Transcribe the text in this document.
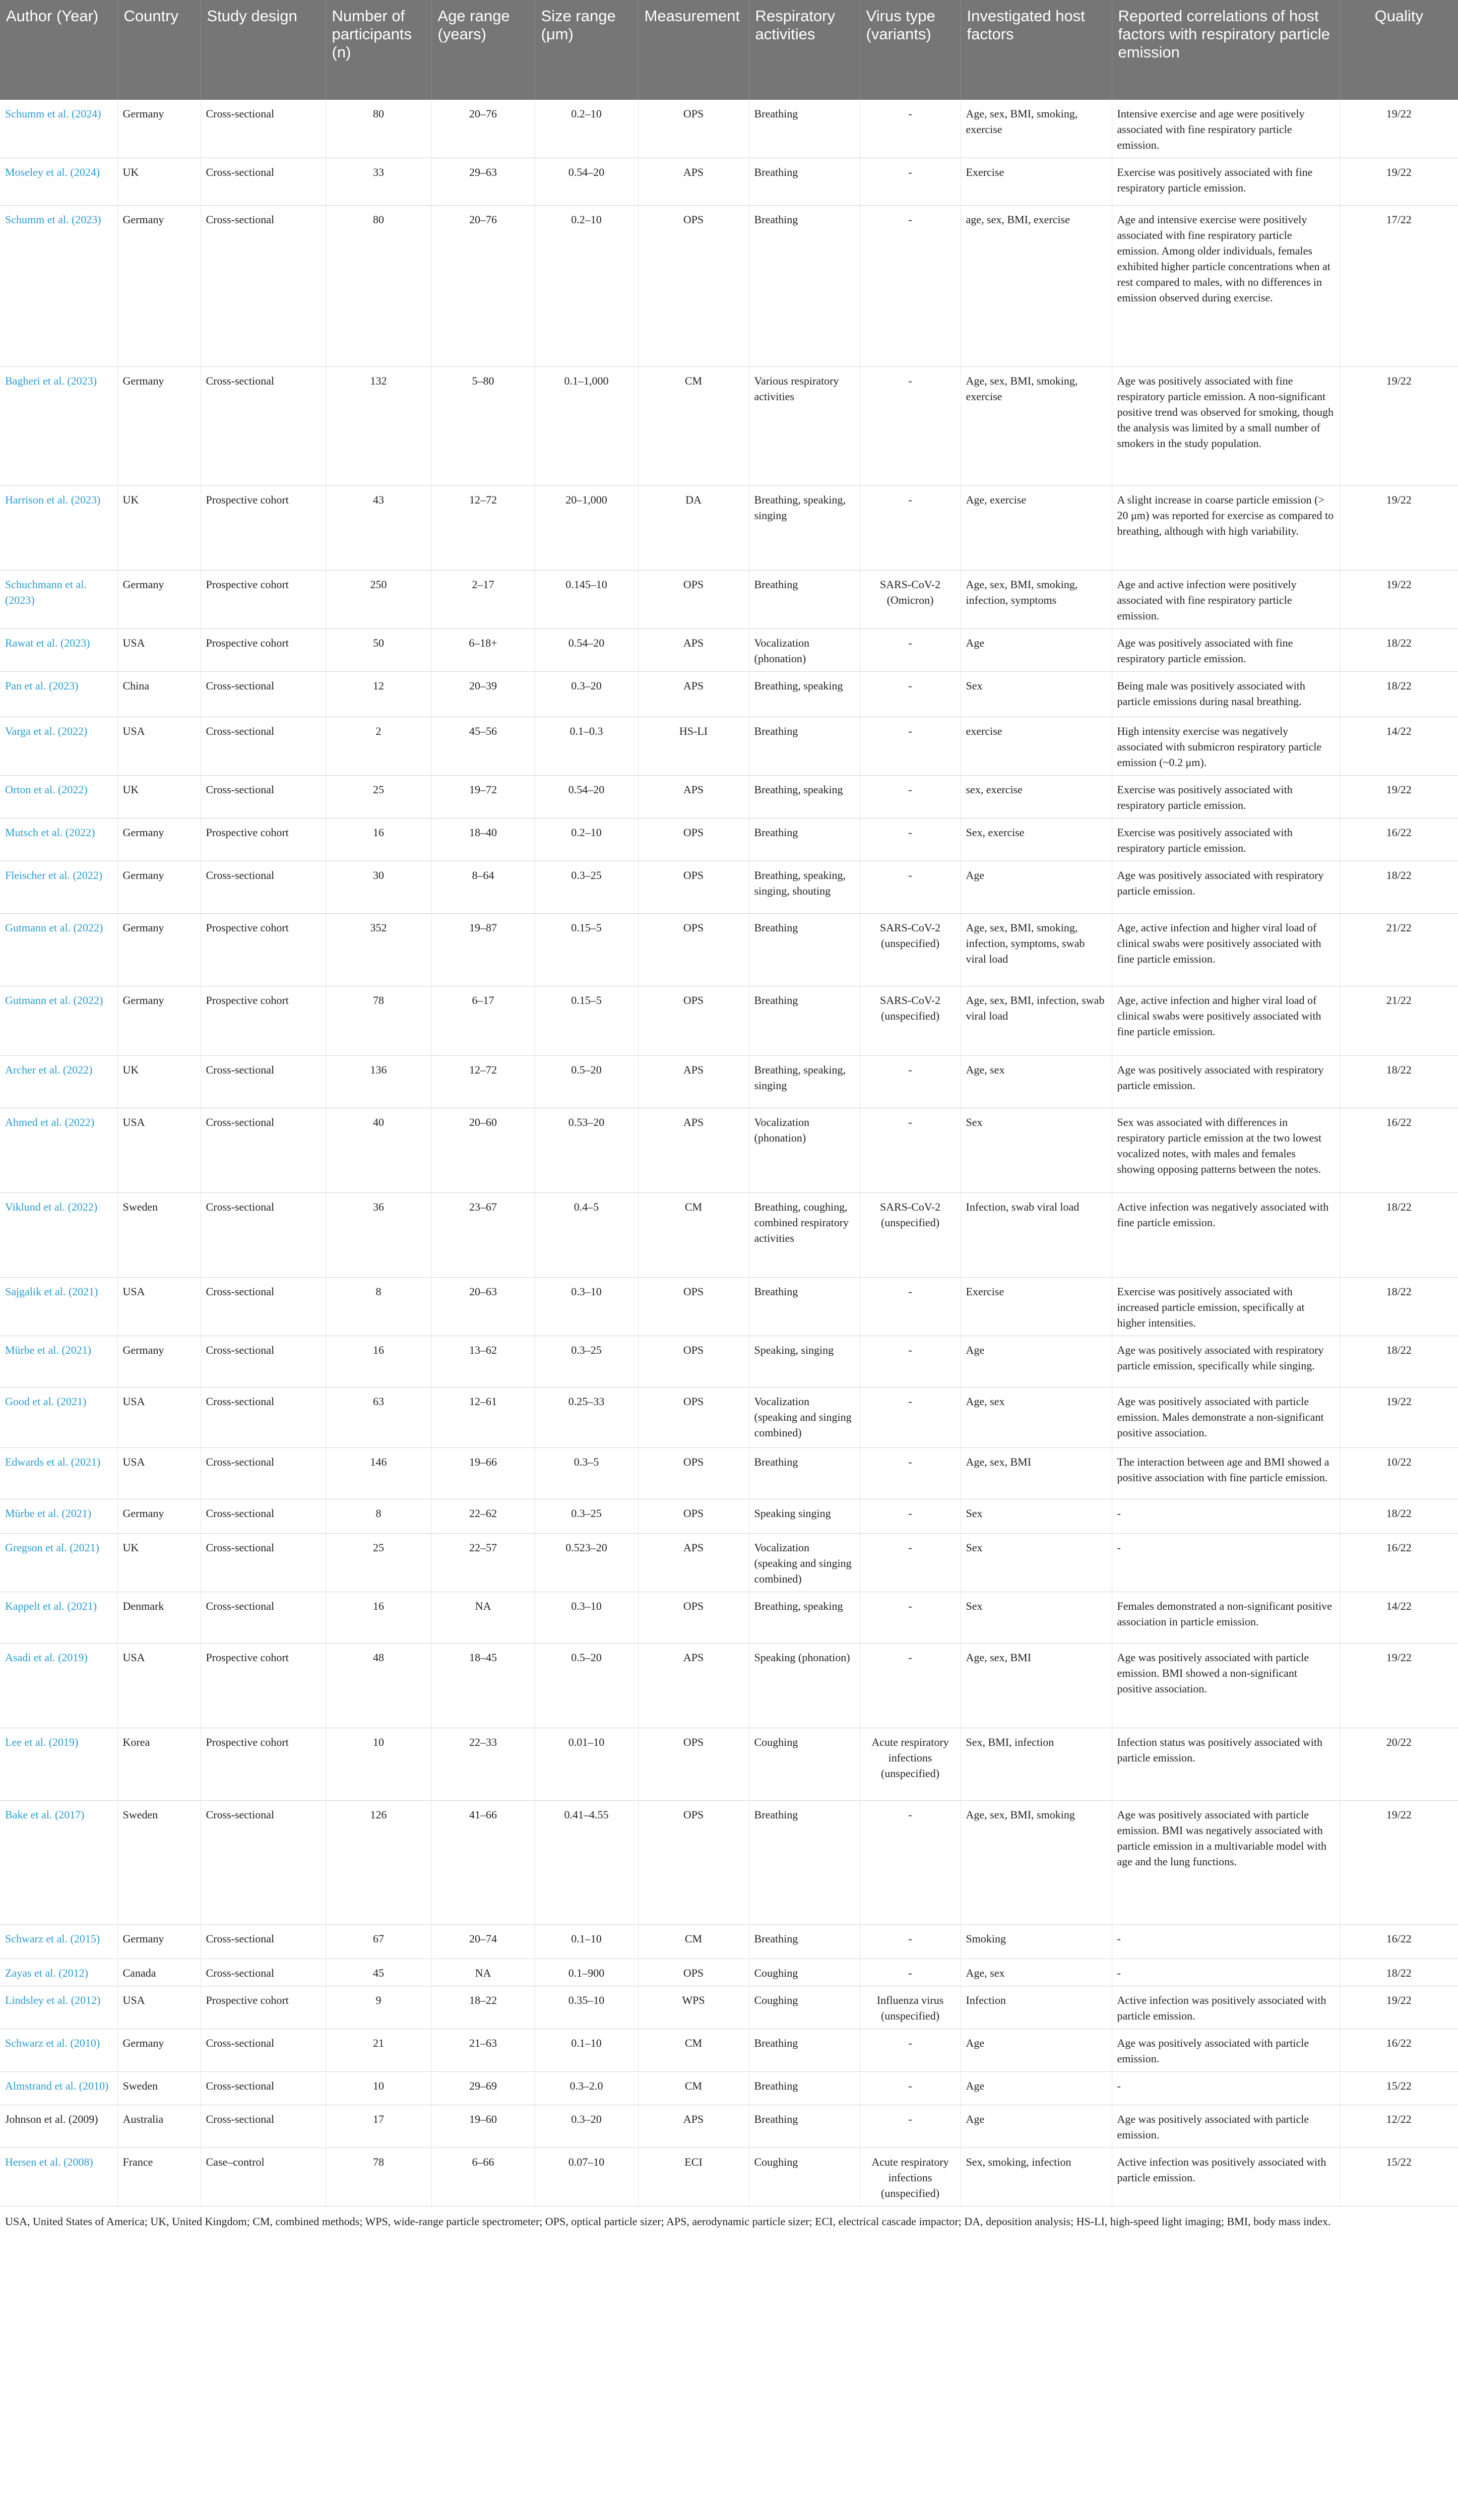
Author (Year)	Country	Study design	Number of participants (n)	Age range (years)	Size range (μm)	Measurement	Respiratory activities	Virus type (variants)	Investigated host factors	Reported correlations of host factors with respiratory particle emission	Quality
Schumm et al. (2024)	Germany	Cross-sectional	80	20–76	0.2–10	OPS	Breathing	-	Age, sex, BMI, smoking, exercise	Intensive exercise and age were positively associated with fine respiratory particle emission.	19/22
Moseley et al. (2024)	UK	Cross-sectional	33	29–63	0.54–20	APS	Breathing	-	Exercise	Exercise was positively associated with fine respiratory particle emission.	19/22
Schumm et al. (2023)	Germany	Cross-sectional	80	20–76	0.2–10	OPS	Breathing	-	age, sex, BMI, exercise	Age and intensive exercise were positively associated with fine respiratory particle emission. Among older individuals, females exhibited higher particle concentrations when at rest compared to males, with no differences in emission observed during exercise.	17/22
Bagheri et al. (2023)	Germany	Cross-sectional	132	5–80	0.1–1,000	CM	Various respiratory activities	-	Age, sex, BMI, smoking, exercise	Age was positively associated with fine respiratory particle emission. A non-significant positive trend was observed for smoking, though the analysis was limited by a small number of smokers in the study population.	19/22
Harrison et al. (2023)	UK	Prospective cohort	43	12–72	20–1,000	DA	Breathing, speaking, singing	-	Age, exercise	A slight increase in coarse particle emission (> 20 μm) was reported for exercise as compared to breathing, although with high variability.	19/22
Schuchmann et al. (2023)	Germany	Prospective cohort	250	2–17	0.145–10	OPS	Breathing	SARS-CoV-2 (Omicron)	Age, sex, BMI, smoking, infection, symptoms	Age and active infection were positively associated with fine respiratory particle emission.	19/22
Rawat et al. (2023)	USA	Prospective cohort	50	6–18+	0.54–20	APS	Vocalization (phonation)	-	Age	Age was positively associated with fine respiratory particle emission.	18/22
Pan et al. (2023)	China	Cross-sectional	12	20–39	0.3–20	APS	Breathing, speaking	-	Sex	Being male was positively associated with particle emissions during nasal breathing.	18/22
Varga et al. (2022)	USA	Cross-sectional	2	45–56	0.1–0.3	HS-LI	Breathing	-	exercise	High intensity exercise was negatively associated with submicron respiratory particle emission (~0.2 μm).	14/22
Orton et al. (2022)	UK	Cross-sectional	25	19–72	0.54–20	APS	Breathing, speaking	-	sex, exercise	Exercise was positively associated with respiratory particle emission.	19/22
Mutsch et al. (2022)	Germany	Prospective cohort	16	18–40	0.2–10	OPS	Breathing	-	Sex, exercise	Exercise was positively associated with respiratory particle emission.	16/22
Fleischer et al. (2022)	Germany	Cross-sectional	30	8–64	0.3–25	OPS	Breathing, speaking, singing, shouting	-	Age	Age was positively associated with respiratory particle emission.	18/22
Gutmann et al. (2022)	Germany	Prospective cohort	352	19–87	0.15–5	OPS	Breathing	SARS-CoV-2 (unspecified)	Age, sex, BMI, smoking, infection, symptoms, swab viral load	Age, active infection and higher viral load of clinical swabs were positively associated with fine particle emission.	21/22
Gutmann et al. (2022)	Germany	Prospective cohort	78	6–17	0.15–5	OPS	Breathing	SARS-CoV-2 (unspecified)	Age, sex, BMI, infection, swab viral load	Age, active infection and higher viral load of clinical swabs were positively associated with fine particle emission.	21/22
Archer et al. (2022)	UK	Cross-sectional	136	12–72	0.5–20	APS	Breathing, speaking, singing	-	Age, sex	Age was positively associated with respiratory particle emission.	18/22
Ahmed et al. (2022)	USA	Cross-sectional	40	20–60	0.53–20	APS	Vocalization (phonation)	-	Sex	Sex was associated with differences in respiratory particle emission at the two lowest vocalized notes, with males and females showing opposing patterns between the notes.	16/22
Viklund et al. (2022)	Sweden	Cross-sectional	36	23–67	0.4–5	CM	Breathing, coughing, combined respiratory activities	SARS-CoV-2 (unspecified)	Infection, swab viral load	Active infection was negatively associated with fine particle emission.	18/22
Sajgalik et al. (2021)	USA	Cross-sectional	8	20–63	0.3–10	OPS	Breathing	-	Exercise	Exercise was positively associated with increased particle emission, specifically at higher intensities.	18/22
Mürbe et al. (2021)	Germany	Cross-sectional	16	13–62	0.3–25	OPS	Speaking, singing	-	Age	Age was positively associated with respiratory particle emission, specifically while singing.	18/22
Good et al. (2021)	USA	Cross-sectional	63	12–61	0.25–33	OPS	Vocalization (speaking and singing combined)	-	Age, sex	Age was positively associated with particle emission. Males demonstrate a non-significant positive association.	19/22
Edwards et al. (2021)	USA	Cross-sectional	146	19–66	0.3–5	OPS	Breathing	-	Age, sex, BMI	The interaction between age and BMI showed a positive association with fine particle emission.	10/22
Mürbe et al. (2021)	Germany	Cross-sectional	8	22–62	0.3–25	OPS	Speaking singing	-	Sex	-	18/22
Gregson et al. (2021)	UK	Cross-sectional	25	22–57	0.523–20	APS	Vocalization (speaking and singing combined)	-	Sex	-	16/22
Kappelt et al. (2021)	Denmark	Cross-sectional	16	NA	0.3–10	OPS	Breathing, speaking	-	Sex	Females demonstrated a non-significant positive association in particle emission.	14/22
Asadi et al. (2019)	USA	Prospective cohort	48	18–45	0.5–20	APS	Speaking (phonation)	-	Age, sex, BMI	Age was positively associated with particle emission. BMI showed a non-significant positive association.	19/22
Lee et al. (2019)	Korea	Prospective cohort	10	22–33	0.01–10	OPS	Coughing	Acute respiratory infections (unspecified)	Sex, BMI, infection	Infection status was positively associated with particle emission.	20/22
Bake et al. (2017)	Sweden	Cross-sectional	126	41–66	0.41–4.55	OPS	Breathing	-	Age, sex, BMI, smoking	Age was positively associated with particle emission. BMI was negatively associated with particle emission in a multivariable model with age and the lung functions.	19/22
Schwarz et al. (2015)	Germany	Cross-sectional	67	20–74	0.1–10	CM	Breathing	-	Smoking	-	16/22
Zayas et al. (2012)	Canada	Cross-sectional	45	NA	0.1–900	OPS	Coughing	-	Age, sex	-	18/22
Lindsley et al. (2012)	USA	Prospective cohort	9	18–22	0.35–10	WPS	Coughing	Influenza virus (unspecified)	Infection	Active infection was positively associated with particle emission.	19/22
Schwarz et al. (2010)	Germany	Cross-sectional	21	21–63	0.1–10	CM	Breathing	-	Age	Age was positively associated with particle emission.	16/22
Almstrand et al. (2010)	Sweden	Cross-sectional	10	29–69	0.3–2.0	CM	Breathing	-	Age	-	15/22
Johnson et al. (2009)	Australia	Cross-sectional	17	19–60	0.3–20	APS	Breathing	-	Age	Age was positively associated with particle emission.	12/22
Hersen et al. (2008)	France	Case–control	78	6–66	0.07–10	ECI	Coughing	Acute respiratory infections (unspecified)	Sex, smoking, infection	Active infection was positively associated with particle emission.	15/22
USA, United States of America; UK, United Kingdom; CM, combined methods; WPS, wide-range particle spectrometer; OPS, optical particle sizer; APS, aerodynamic particle sizer; ECI, electrical cascade impactor; DA, deposition analysis; HS-LI, high-speed light imaging; BMI, body mass index.
